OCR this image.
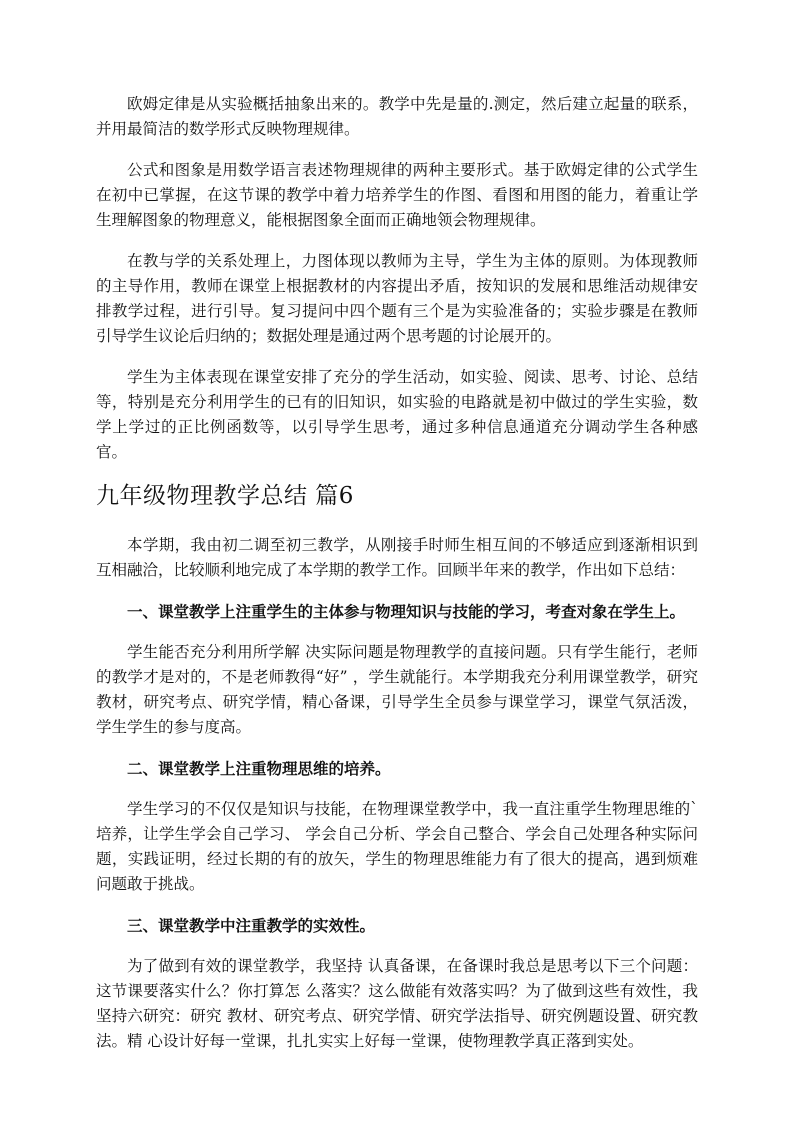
欧姆定律是从实验概括抽象出来的。教学中先是量的.测定，然后建立起量的联系，并用最简洁的数学形式反映物理规律。

公式和图象是用数学语言表述物理规律的两种主要形式。基于欧姆定律的公式学生在初中已掌握，在这节课的教学中着力培养学生的作图、看图和用图的能力，着重让学生理解图象的物理意义，能根据图象全面而正确地领会物理规律。

在教与学的关系处理上，力图体现以教师为主导，学生为主体的原则。为体现教师的主导作用，教师在课堂上根据教材的内容提出矛盾，按知识的发展和思维活动规律安排教学过程，进行引导。复习提问中四个题有三个是为实验准备的；实验步骤是在教师引导学生议论后归纳的；数据处理是通过两个思考题的讨论展开的。

学生为主体表现在课堂安排了充分的学生活动，如实验、阅读、思考、讨论、总结等，特别是充分利用学生的已有的旧知识，如实验的电路就是初中做过的学生实验，数学上学过的正比例函数等，以引导学生思考，通过多种信息通道充分调动学生各种感官。

九年级物理教学总结 篇6

本学期，我由初二调至初三教学，从刚接手时师生相互间的不够适应到逐渐相识到互相融洽，比较顺利地完成了本学期的教学工作。回顾半年来的教学，作出如下总结：

一、课堂教学上注重学生的主体参与物理知识与技能的学习，考查对象在学生上。

学生能否充分利用所学解 决实际问题是物理教学的直接问题。只有学生能行，老师的教学才是对的，不是老师教得“好” ，学生就能行。本学期我充分利用课堂教学，研究教材，研究考点、研究学情，精心备课，引导学生全员参与课堂学习，课堂气氛活泼，学生学生的参与度高。

二、课堂教学上注重物理思维的培养。

学生学习的不仅仅是知识与技能，在物理课堂教学中，我一直注重学生物理思维的`培养，让学生学会自己学习、 学会自己分析、学会自己整合、学会自己处理各种实际问题，实践证明，经过长期的有的放矢，学生的物理思维能力有了很大的提高，遇到烦难问题敢于挑战。

三、课堂教学中注重教学的实效性。

为了做到有效的课堂教学，我坚持 认真备课，在备课时我总是思考以下三个问题：这节课要落实什么？你打算怎 么落实？这么做能有效落实吗？为了做到这些有效性，我坚持六研究：研究 教材、研究考点、研究学情、研究学法指导、研究例题设置、研究教法。精 心设计好每一堂课，扎扎实实上好每一堂课，使物理教学真正落到实处。
